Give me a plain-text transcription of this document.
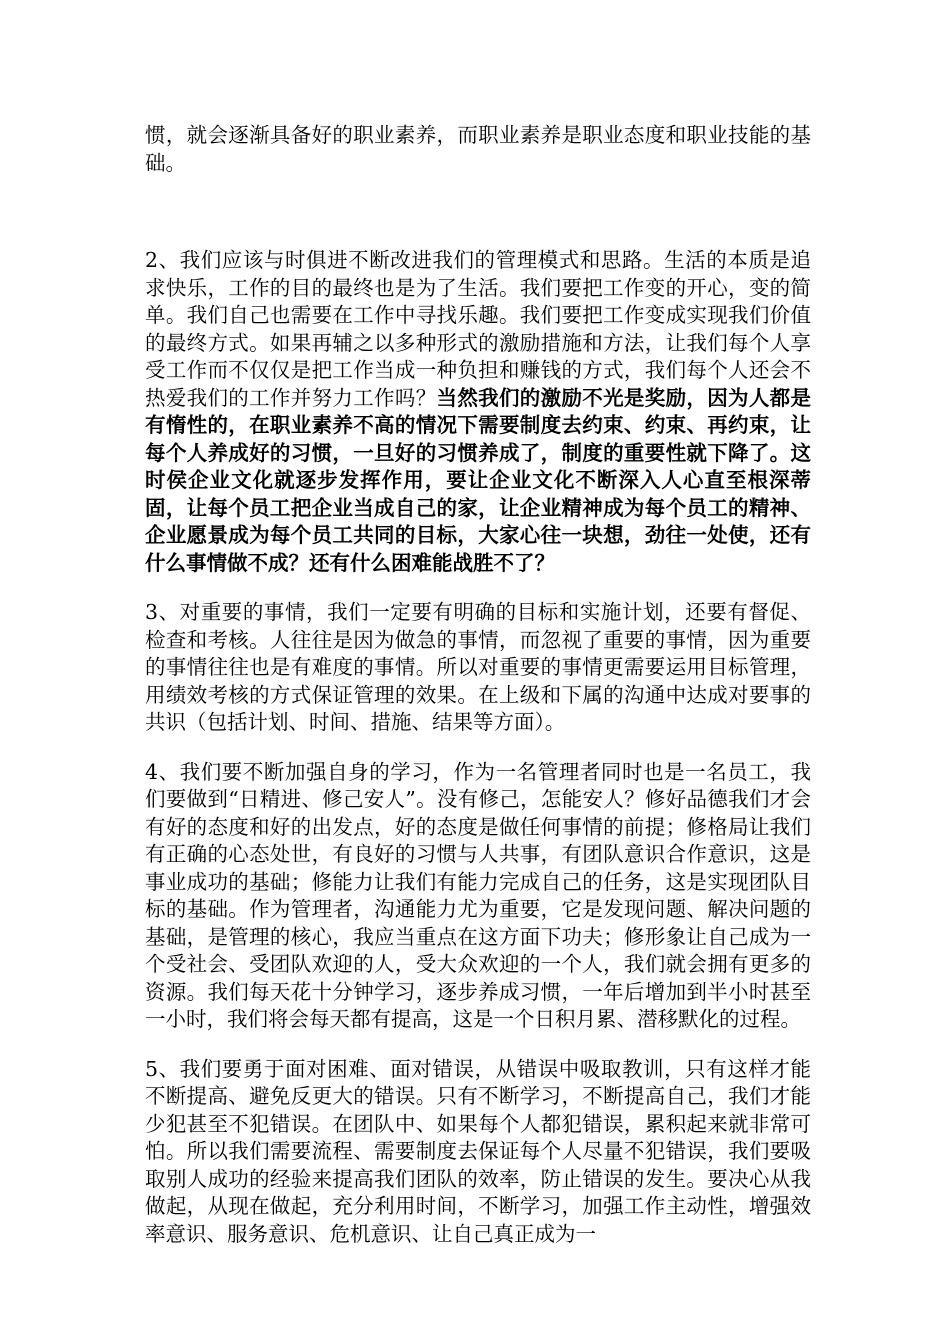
惯，就会逐渐具备好的职业素养，而职业素养是职业态度和职业技能的基础。

2、我们应该与时俱进不断改进我们的管理模式和思路。生活的本质是追求快乐，工作的目的最终也是为了生活。我们要把工作变的开心，变的简单。我们自己也需要在工作中寻找乐趣。我们要把工作变成实现我们价值的最终方式。如果再辅之以多种形式的激励措施和方法，让我们每个人享受工作而不仅仅是把工作当成一种负担和赚钱的方式，我们每个人还会不热爱我们的工作并努力工作吗？当然我们的激励不光是奖励，因为人都是有惰性的，在职业素养不高的情况下需要制度去约束、约束、再约束，让每个人养成好的习惯，一旦好的习惯养成了，制度的重要性就下降了。这时侯企业文化就逐步发挥作用，要让企业文化不断深入人心直至根深蒂固，让每个员工把企业当成自己的家，让企业精神成为每个员工的精神、企业愿景成为每个员工共同的目标，大家心往一块想，劲往一处使，还有什么事情做不成？还有什么困难能战胜不了？

3、对重要的事情，我们一定要有明确的目标和实施计划，还要有督促、检查和考核。人往往是因为做急的事情，而忽视了重要的事情，因为重要的事情往往也是有难度的事情。所以对重要的事情更需要运用目标管理，用绩效考核的方式保证管理的效果。在上级和下属的沟通中达成对要事的共识（包括计划、时间、措施、结果等方面）。

4、我们要不断加强自身的学习，作为一名管理者同时也是一名员工，我们要做到“日精进、修己安人”。没有修己，怎能安人？修好品德我们才会有好的态度和好的出发点，好的态度是做任何事情的前提；修格局让我们有正确的心态处世，有良好的习惯与人共事，有团队意识合作意识，这是事业成功的基础；修能力让我们有能力完成自己的任务，这是实现团队目标的基础。作为管理者，沟通能力尤为重要，它是发现问题、解决问题的基础，是管理的核心，我应当重点在这方面下功夫；修形象让自己成为一个受社会、受团队欢迎的人，受大众欢迎的一个人，我们就会拥有更多的资源。我们每天花十分钟学习，逐步养成习惯，一年后增加到半小时甚至一小时，我们将会每天都有提高，这是一个日积月累、潜移默化的过程。

5、我们要勇于面对困难、面对错误，从错误中吸取教训，只有这样才能不断提高、避免反更大的错误。只有不断学习，不断提高自己，我们才能少犯甚至不犯错误。在团队中、如果每个人都犯错误，累积起来就非常可怕。所以我们需要流程、需要制度去保证每个人尽量不犯错误，我们要吸取别人成功的经验来提高我们团队的效率，防止错误的发生。要决心从我做起，从现在做起，充分利用时间，不断学习，加强工作主动性，增强效率意识、服务意识、危机意识、让自己真正成为一
